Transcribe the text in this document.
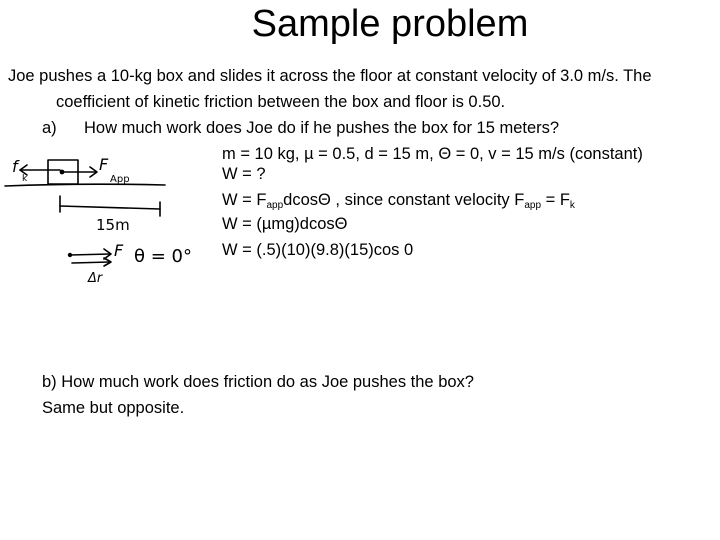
Sample problem
Joe pushes a 10-kg box and slides it across the floor at constant velocity of 3.0 m/s. The
coefficient of kinetic friction between the box and floor is 0.50.
a) How much work does Joe do if he pushes the box for 15 meters?
m = 10 kg, µ = 0.5, d = 15 m, Θ = 0, v = 15 m/s (constant)
W = ?
$W = F_{app}dcos\Theta$ , since constant velocity $F_{app} = F_k$
W = (µmg)dcosΘ
W = (.5)(10)(9.8)(15)cos 0
f
k
F
App
15m
F
Δr
θ = 0°
b) How much work does friction do as Joe pushes the box?
Same but opposite.
